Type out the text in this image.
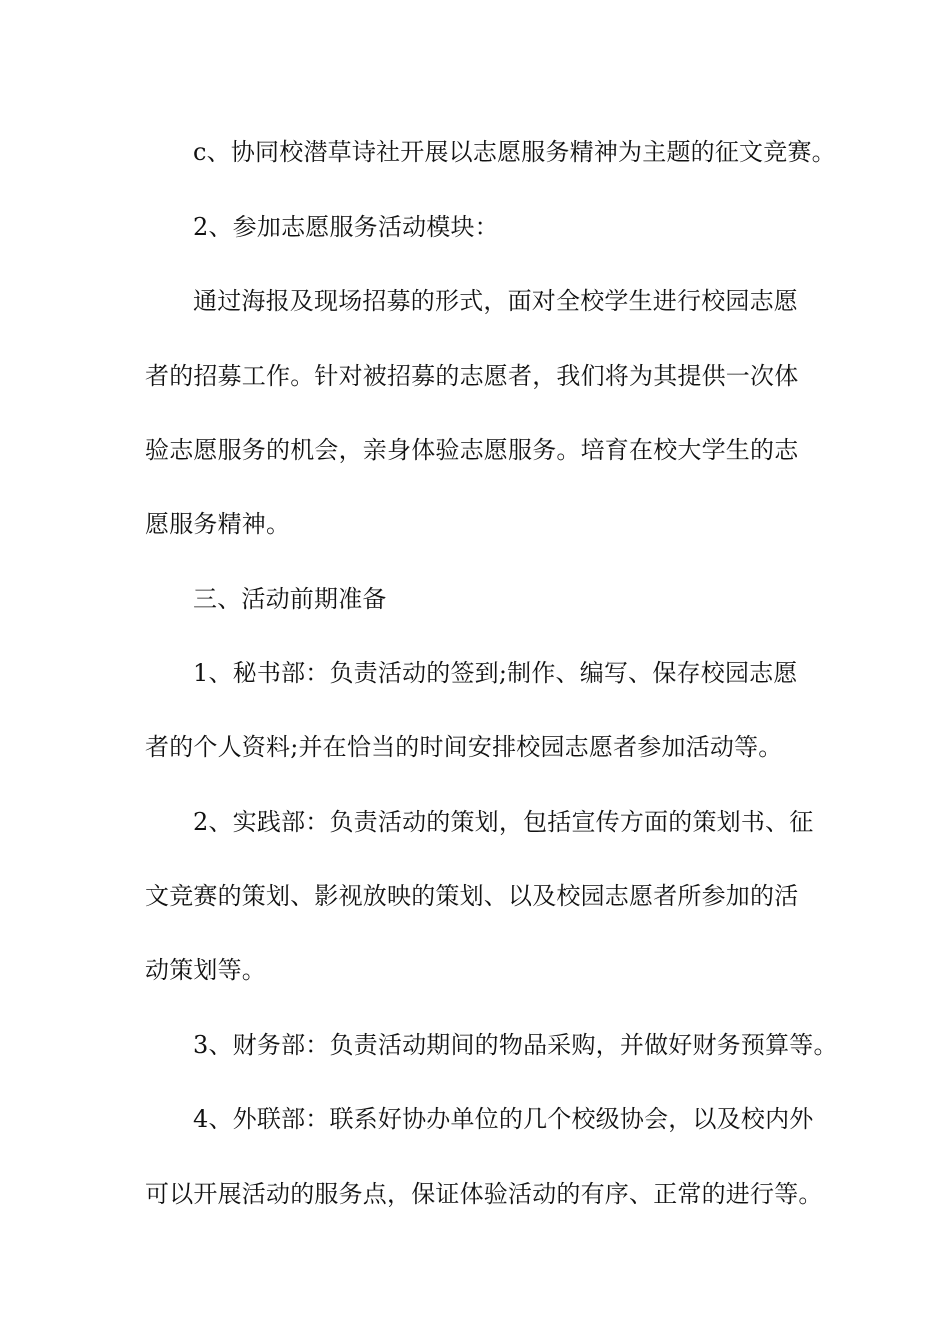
c、协同校潜草诗社开展以志愿服务精神为主题的征文竞赛。
2、参加志愿服务活动模块：
通过海报及现场招募的形式，面对全校学生进行校园志愿
者的招募工作。针对被招募的志愿者，我们将为其提供一次体
验志愿服务的机会，亲身体验志愿服务。培育在校大学生的志
愿服务精神。
三、活动前期准备
1、秘书部：负责活动的签到;制作、编写、保存校园志愿
者的个人资料;并在恰当的时间安排校园志愿者参加活动等。
2、实践部：负责活动的策划，包括宣传方面的策划书、征
文竞赛的策划、影视放映的策划、以及校园志愿者所参加的活
动策划等。
3、财务部：负责活动期间的物品采购，并做好财务预算等。
4、外联部：联系好协办单位的几个校级协会，以及校内外
可以开展活动的服务点，保证体验活动的有序、正常的进行等。
